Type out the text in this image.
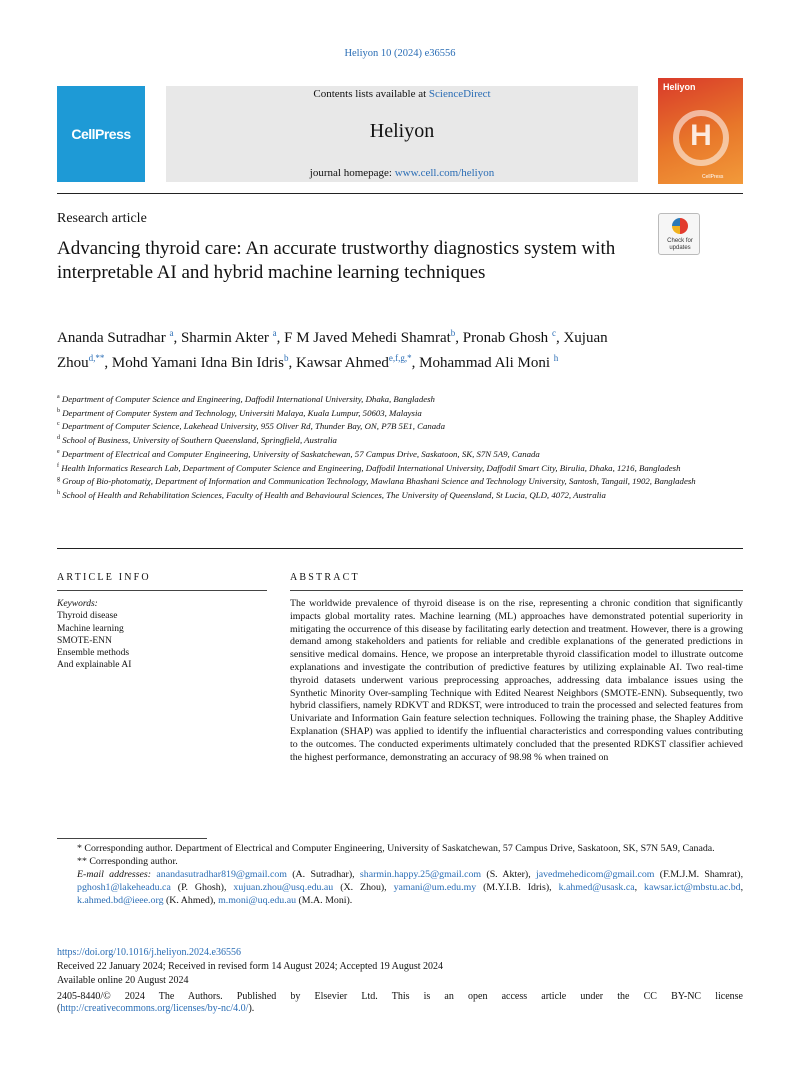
Heliyon 10 (2024) e36556
CellPress
Contents lists available at ScienceDirect
Heliyon
journal homepage: www.cell.com/heliyon
Heliyon
H
CellPress
Research article
Advancing thyroid care: An accurate trustworthy diagnostics system with interpretable AI and hybrid machine learning techniques
Check for
updates
Ananda Sutradhar $^a$, Sharmin Akter $^a$, F M Javed Mehedi Shamrat$^b$, Pronab Ghosh $^c$, Xujuan Zhou$^{d,**}$, Mohd Yamani Idna Bin Idris$^b$, Kawsar Ahmed$^{e,f,g,*}$, Mohammad Ali Moni $^h$
$^a$ Department of Computer Science and Engineering, Daffodil International University, Dhaka, Bangladesh
$^b$ Department of Computer System and Technology, Universiti Malaya, Kuala Lumpur, 50603, Malaysia
$^c$ Department of Computer Science, Lakehead University, 955 Oliver Rd, Thunder Bay, ON, P7B 5E1, Canada
$^d$ School of Business, University of Southern Queensland, Springfield, Australia
$^e$ Department of Electrical and Computer Engineering, University of Saskatchewan, 57 Campus Drive, Saskatoon, SK, S7N 5A9, Canada
$^f$ Health Informatics Research Lab, Department of Computer Science and Engineering, Daffodil International University, Daffodil Smart City, Birulia, Dhaka, 1216, Bangladesh
$^g$ Group of Bio-photomatiχ, Department of Information and Communication Technology, Mawlana Bhashani Science and Technology University, Santosh, Tangail, 1902, Bangladesh
$^h$ School of Health and Rehabilitation Sciences, Faculty of Health and Behavioural Sciences, The University of Queensland, St Lucia, QLD, 4072, Australia
ARTICLE INFO	ABSTRACT
Keywords:
Thyroid disease
Machine learning
SMOTE-ENN
Ensemble methods
And explainable AI
The worldwide prevalence of thyroid disease is on the rise, representing a chronic condition that significantly impacts global mortality rates. Machine learning (ML) approaches have demonstrated potential superiority in mitigating the occurrence of this disease by facilitating early detection and treatment. However, there is a growing demand among stakeholders and patients for reliable and credible explanations of the generated predictions in sensitive medical domains. Hence, we propose an interpretable thyroid classification model to illustrate outcome explanations and investigate the contribution of predictive features by utilizing explainable AI. Two real-time thyroid datasets underwent various preprocessing approaches, addressing data imbalance issues using the Synthetic Minority Over-sampling Technique with Edited Nearest Neighbors (SMOTE-ENN). Subsequently, two hybrid classifiers, namely RDKVT and RDKST, were introduced to train the processed and selected features from Univariate and Information Gain feature selection techniques. Following the training phase, the Shapley Additive Explanation (SHAP) was applied to identify the influential characteristics and corresponding values contributing to the outcomes. The conducted experiments ultimately concluded that the presented RDKST classifier achieved the highest performance, demonstrating an accuracy of 98.98 % when trained on
* Corresponding author. Department of Electrical and Computer Engineering, University of Saskatchewan, 57 Campus Drive, Saskatoon, SK, S7N 5A9, Canada.
** Corresponding author.
E-mail addresses: anandasutradhar819@gmail.com (A. Sutradhar), sharmin.happy.25@gmail.com (S. Akter), javedmehedicom@gmail.com (F.M.J.M. Shamrat), pghosh1@lakeheadu.ca (P. Ghosh), xujuan.zhou@usq.edu.au (X. Zhou), yamani@um.edu.my (M.Y.I.B. Idris), k.ahmed@usask.ca, kawsar.ict@mbstu.ac.bd, k.ahmed.bd@ieee.org (K. Ahmed), m.moni@uq.edu.au (M.A. Moni).
https://doi.org/10.1016/j.heliyon.2024.e36556
Received 22 January 2024; Received in revised form 14 August 2024; Accepted 19 August 2024
Available online 20 August 2024
2405-8440/© 2024 The Authors. Published by Elsevier Ltd. This is an open access article under the CC BY-NC license
(http://creativecommons.org/licenses/by-nc/4.0/).
